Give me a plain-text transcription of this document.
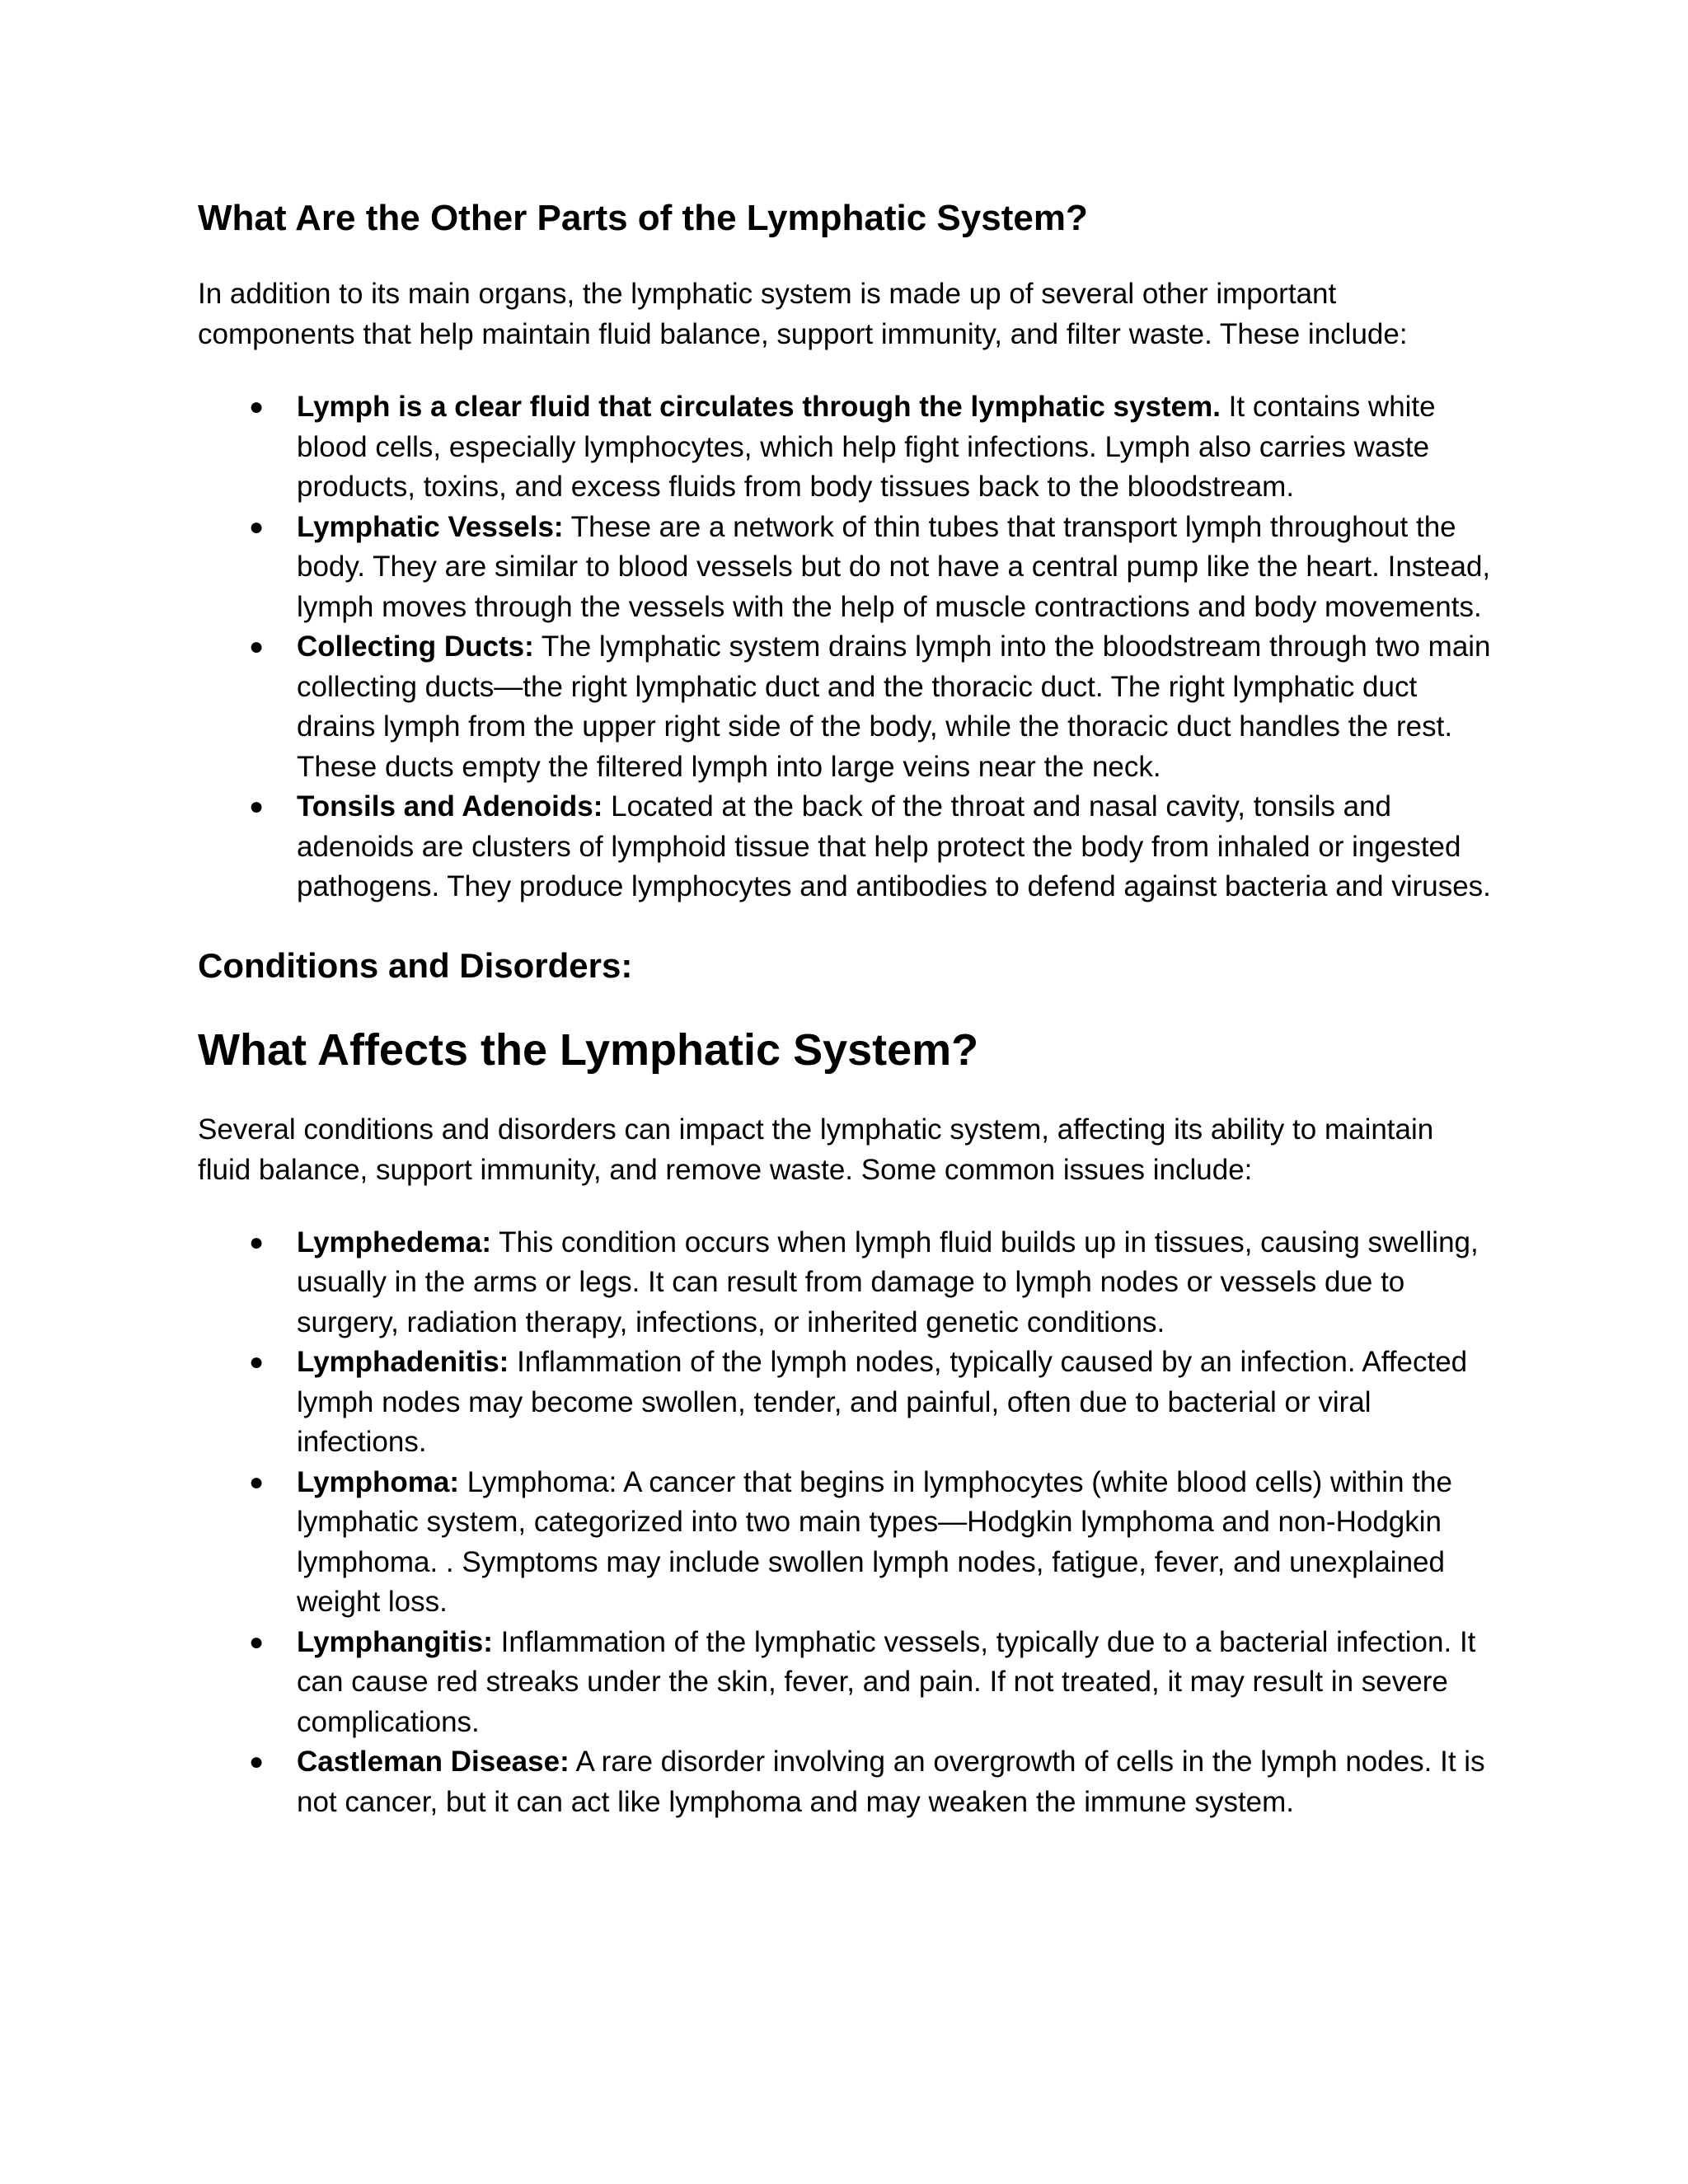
What Are the Other Parts of the Lymphatic System?

In addition to its main organs, the lymphatic system is made up of several other important components that help maintain fluid balance, support immunity, and filter waste. These include:

● Lymph is a clear fluid that circulates through the lymphatic system. It contains white blood cells, especially lymphocytes, which help fight infections. Lymph also carries waste products, toxins, and excess fluids from body tissues back to the bloodstream.
● Lymphatic Vessels: These are a network of thin tubes that transport lymph throughout the body. They are similar to blood vessels but do not have a central pump like the heart. Instead, lymph moves through the vessels with the help of muscle contractions and body movements.
● Collecting Ducts: The lymphatic system drains lymph into the bloodstream through two main collecting ducts—the right lymphatic duct and the thoracic duct. The right lymphatic duct drains lymph from the upper right side of the body, while the thoracic duct handles the rest. These ducts empty the filtered lymph into large veins near the neck.
● Tonsils and Adenoids: Located at the back of the throat and nasal cavity, tonsils and adenoids are clusters of lymphoid tissue that help protect the body from inhaled or ingested pathogens. They produce lymphocytes and antibodies to defend against bacteria and viruses.
Conditions and Disorders:
What Affects the Lymphatic System?

Several conditions and disorders can impact the lymphatic system, affecting its ability to maintain fluid balance, support immunity, and remove waste. Some common issues include:

● Lymphedema: This condition occurs when lymph fluid builds up in tissues, causing swelling, usually in the arms or legs. It can result from damage to lymph nodes or vessels due to surgery, radiation therapy, infections, or inherited genetic conditions.
● Lymphadenitis: Inflammation of the lymph nodes, typically caused by an infection. Affected lymph nodes may become swollen, tender, and painful, often due to bacterial or viral infections.
● Lymphoma: Lymphoma: A cancer that begins in lymphocytes (white blood cells) within the lymphatic system, categorized into two main types—Hodgkin lymphoma and non-Hodgkin lymphoma. . Symptoms may include swollen lymph nodes, fatigue, fever, and unexplained weight loss.
● Lymphangitis: Inflammation of the lymphatic vessels, typically due to a bacterial infection. It can cause red streaks under the skin, fever, and pain. If not treated, it may result in severe complications.
● Castleman Disease: A rare disorder involving an overgrowth of cells in the lymph nodes. It is not cancer, but it can act like lymphoma and may weaken the immune system.
